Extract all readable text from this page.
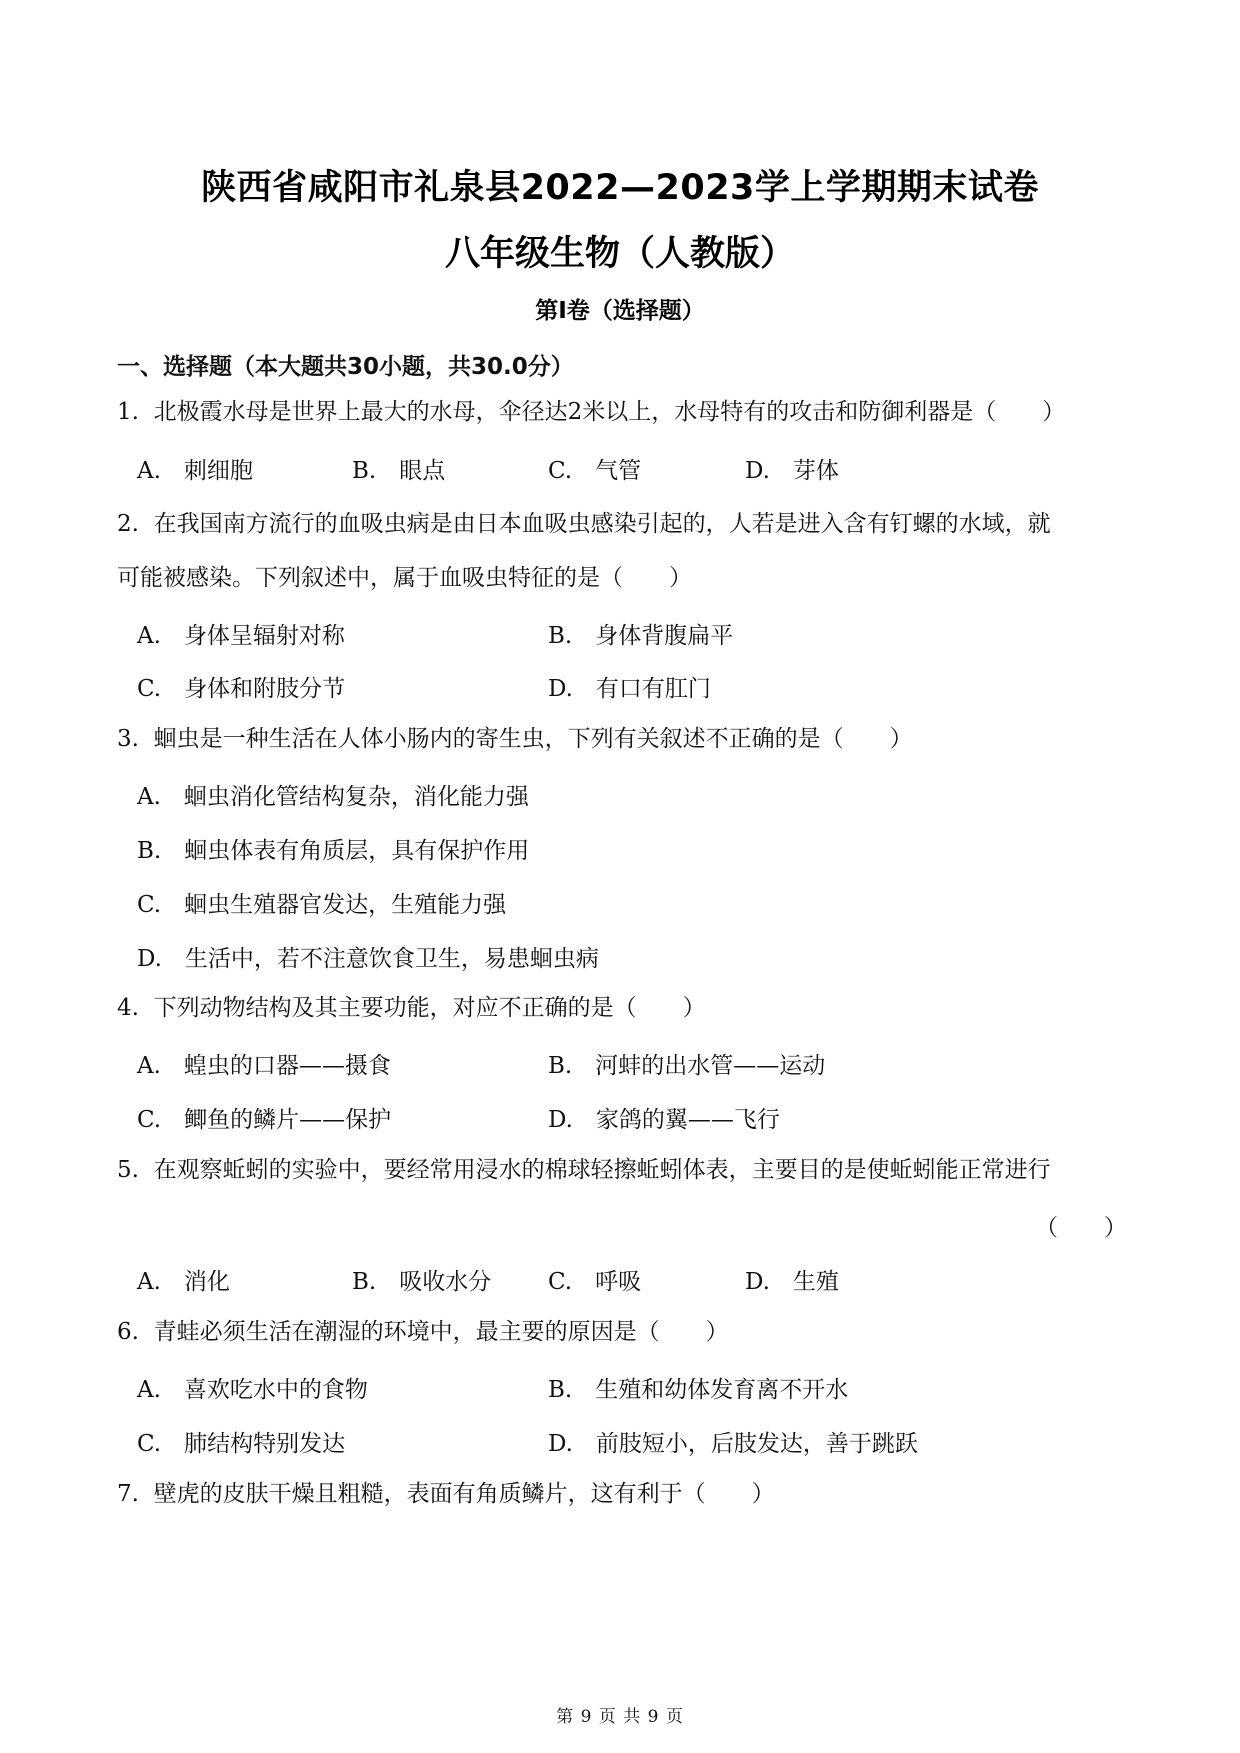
陕西省咸阳市礼泉县2022—2023学上学期期末试卷
八年级生物（人教版）
第Ⅰ卷（选择题）
一、选择题（本大题共30小题，共30.0分）
1. 北极霞水母是世界上最大的水母，伞径达2米以上，水母特有的攻击和防御利器是（　　）
A.　刺细胞	B.　眼点	C.　气管	D.　芽体
2. 在我国南方流行的血吸虫病是由日本血吸虫感染引起的，人若是进入含有钉螺的水域，就
可能被感染。下列叙述中，属于血吸虫特征的是（　　）
A.　身体呈辐射对称	B.　身体背腹扁平
C.　身体和附肢分节	D.　有口有肛门
3. 蛔虫是一种生活在人体小肠内的寄生虫，下列有关叙述不正确的是（　　）
A.　蛔虫消化管结构复杂，消化能力强
B.　蛔虫体表有角质层，具有保护作用
C.　蛔虫生殖器官发达，生殖能力强
D.　生活中，若不注意饮食卫生，易患蛔虫病
4. 下列动物结构及其主要功能，对应不正确的是（　　）
A.　蝗虫的口器——摄食	B.　河蚌的出水管——运动
C.　鲫鱼的鳞片——保护	D.　家鸽的翼——飞行
5. 在观察蚯蚓的实验中，要经常用浸水的棉球轻擦蚯蚓体表，主要目的是使蚯蚓能正常进行
（　　）
A.　消化	B.　吸收水分 C.　呼吸	D.　生殖
6. 青蛙必须生活在潮湿的环境中，最主要的原因是（　　）
A.　喜欢吃水中的食物	B.　生殖和幼体发育离不开水
C.　肺结构特别发达	D.　前肢短小，后肢发达，善于跳跃
7. 壁虎的皮肤干燥且粗糙，表面有角质鳞片，这有利于（　　）
第 9 页 共 9 页
